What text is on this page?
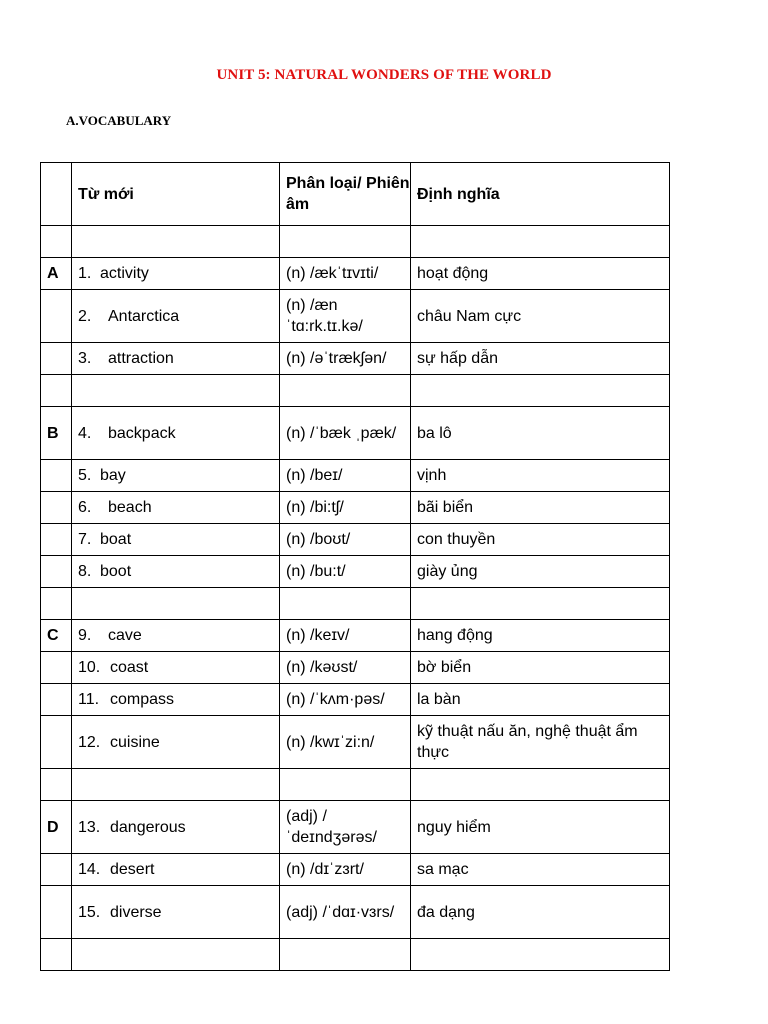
UNIT 5: NATURAL WONDERS OF THE WORLD
A.VOCABULARY
	Từ mới	Phân loại/ Phiên âm	Định nghĩa

A	1. activity	(n) /ækˈtɪvɪti/	hoạt động
	2. Antarctica	(n) /æn ˈtɑ:rk.tɪ.kə/	châu Nam cực
	3. attraction	(n) /əˈtrækʃən/	sự hấp dẫn

B	4. backpack	(n) /ˈbæk ˌpæk/	ba lô
	5. bay	(n) /beɪ/	vịnh
	6. beach	(n) /bi:tʃ/	bãi biển
	7. boat	(n) /boʊt/	con thuyền
	8. boot	(n) /bu:t/	giày ủng

C	9. cave	(n) /keɪv/	hang động
	10. coast	(n) /kəʊst/	bờ biển
	11. compass	(n) /ˈkʌm·pəs/	la bàn
	12. cuisine	(n) /kwɪˈzi:n/	kỹ thuật nấu ăn, nghệ thuật ẩm thực

D	13. dangerous	(adj) /ˈdeɪndʒərəs/	nguy hiểm
	14. desert	(n) /dɪˈzɜrt/	sa mạc
	15. diverse	(adj) /ˈdɑɪ·vɜrs/	đa dạng
